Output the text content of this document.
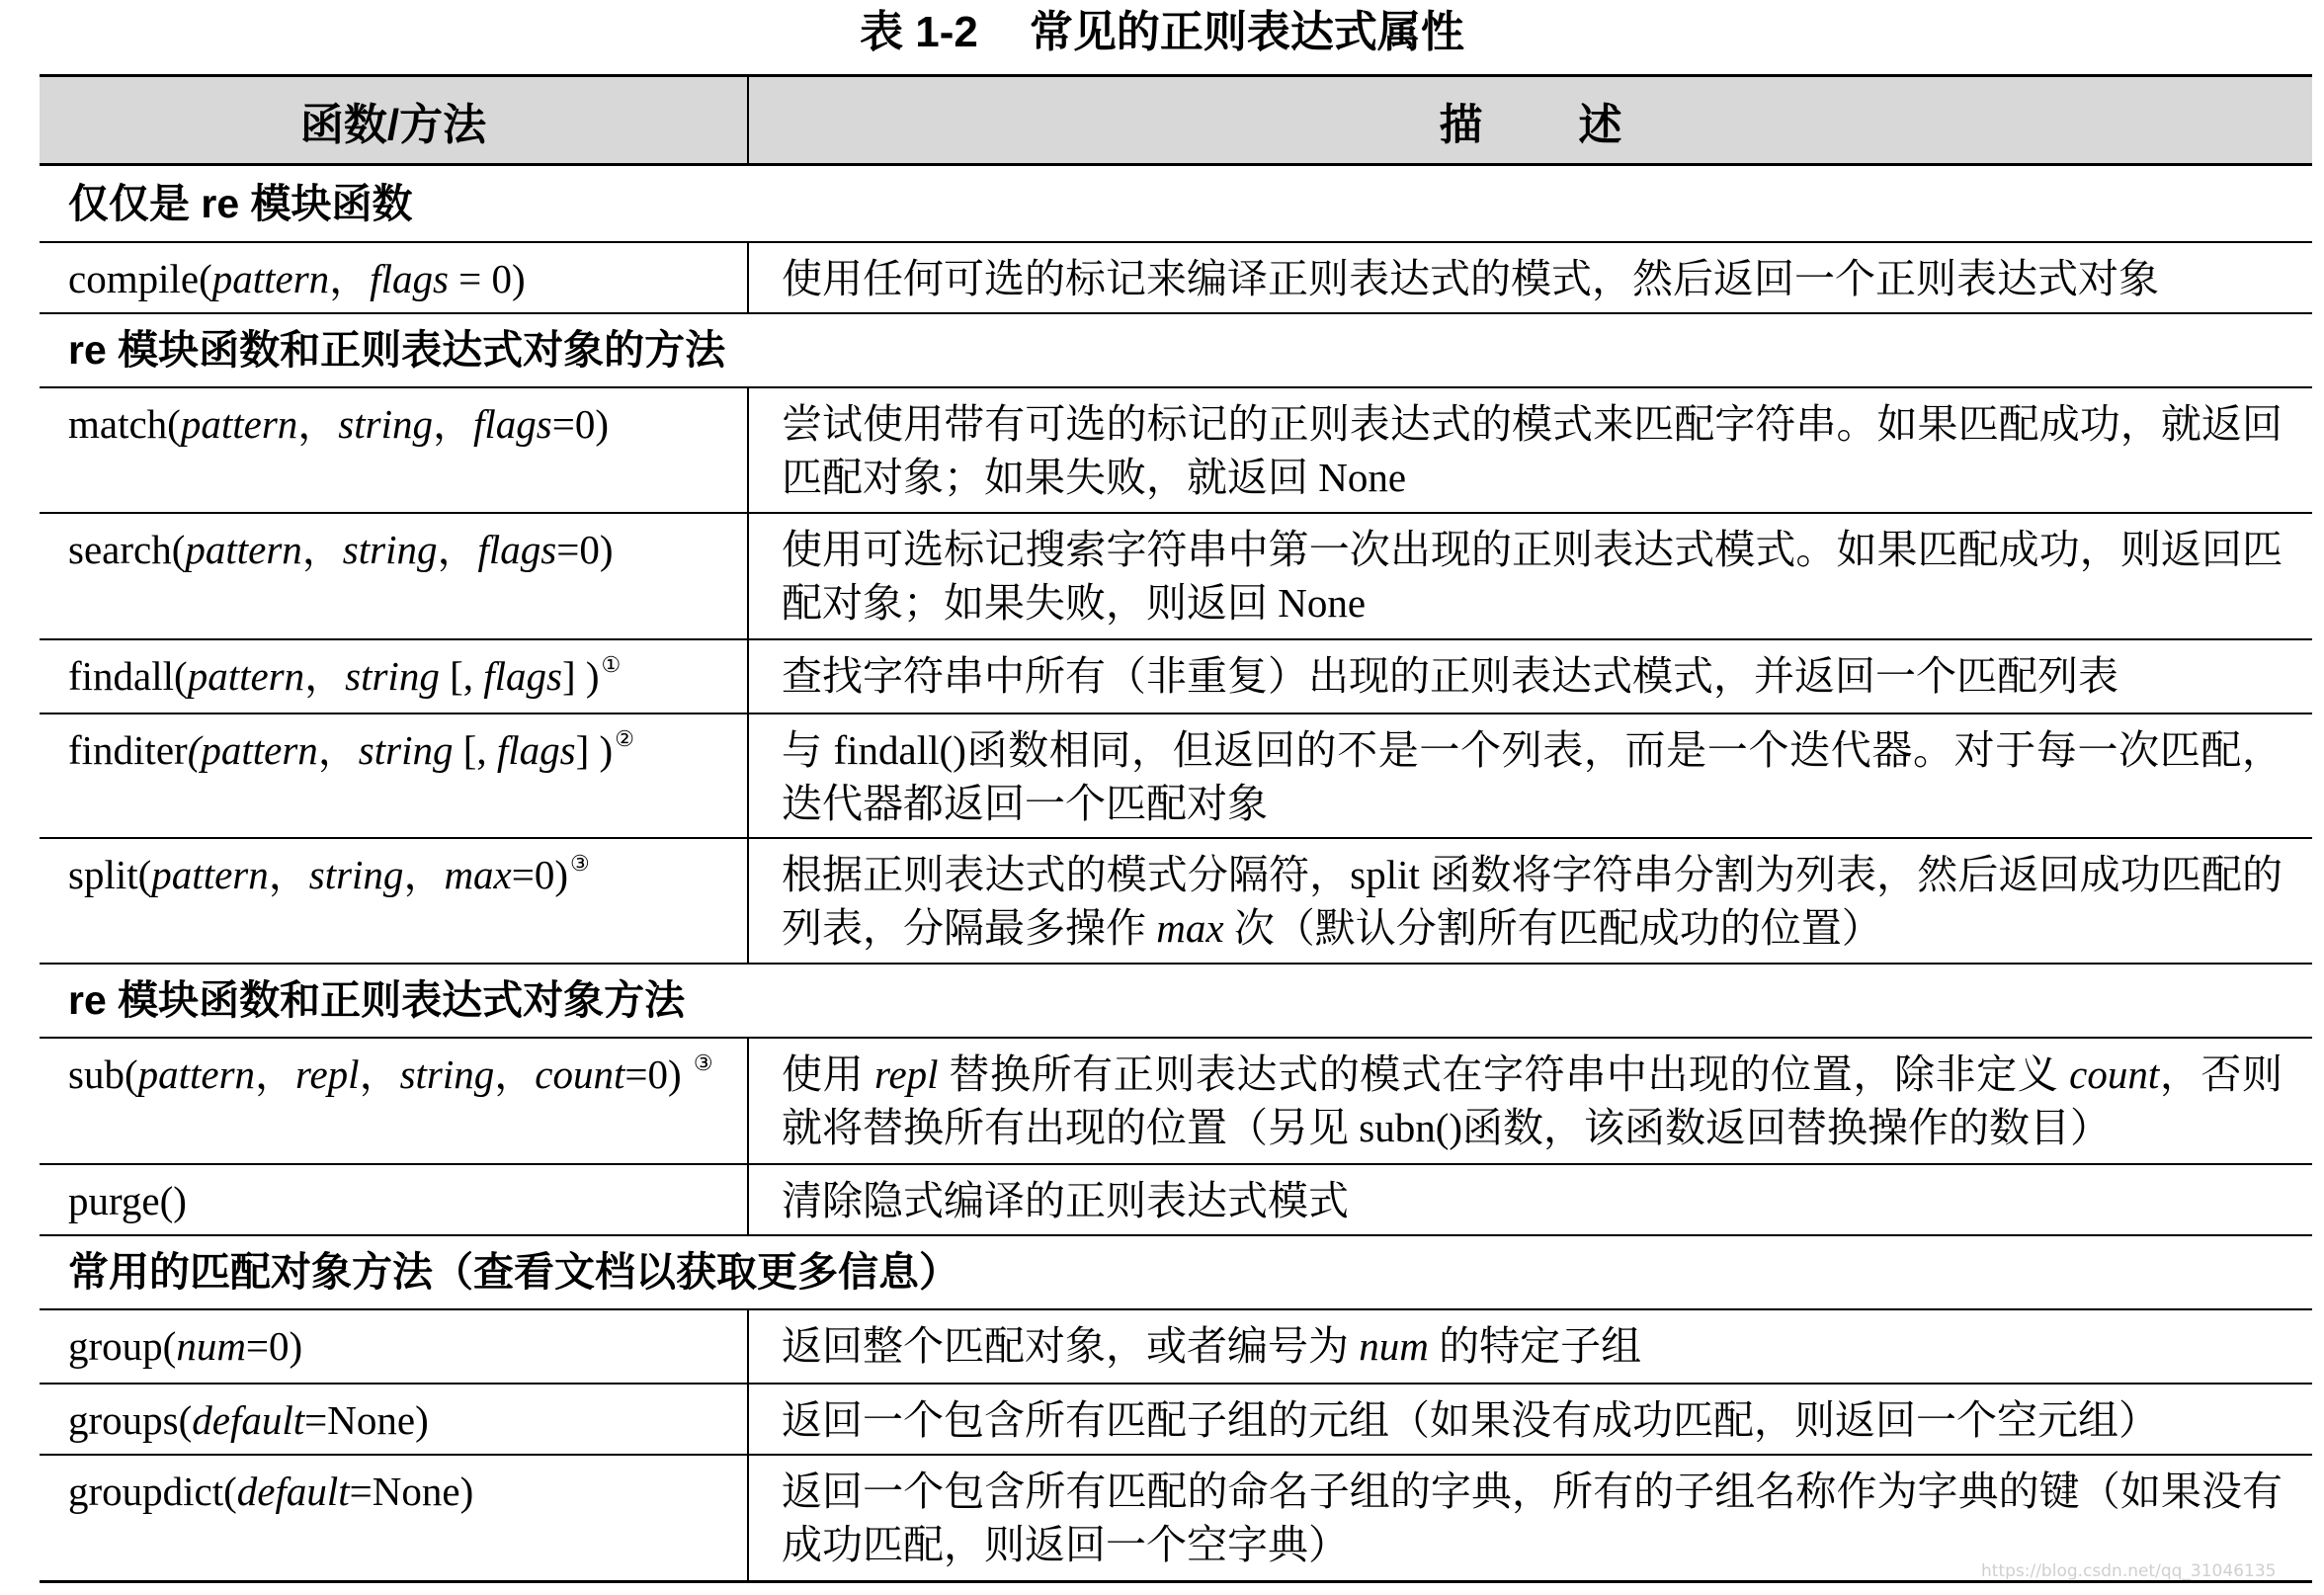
表 1-2 常见的正则表达式属性
函数/方法	描述
仅仅是 re 模块函数	
compile(pattern，flags = 0)	使用任何可选的标记来编译正则表达式的模式，然后返回一个正则表达式对象
re 模块函数和正则表达式对象的方法	
match(pattern，string，flags=0)	尝试使用带有可选的标记的正则表达式的模式来匹配字符串。如果匹配成功，就返回匹配对象；如果失败，就返回 None
search(pattern，string，flags=0)	使用可选标记搜索字符串中第一次出现的正则表达式模式。如果匹配成功，则返回匹配对象；如果失败，则返回 None
findall(pattern，string [, flags] )①	查找字符串中所有（非重复）出现的正则表达式模式，并返回一个匹配列表
finditer(pattern，string [, flags] )②	与 findall()函数相同，但返回的不是一个列表，而是一个迭代器。对于每一次匹配，迭代器都返回一个匹配对象
split(pattern，string，max=0)③	根据正则表达式的模式分隔符，split 函数将字符串分割为列表，然后返回成功匹配的列表，分隔最多操作 max 次（默认分割所有匹配成功的位置）
re 模块函数和正则表达式对象方法	
sub(pattern，repl，string，count=0) ③	使用 repl 替换所有正则表达式的模式在字符串中出现的位置，除非定义 count，否则就将替换所有出现的位置（另见 subn()函数，该函数返回替换操作的数目）
purge()	清除隐式编译的正则表达式模式
常用的匹配对象方法（查看文档以获取更多信息）	
group(num=0)	返回整个匹配对象，或者编号为 num 的特定子组
groups(default=None)	返回一个包含所有匹配子组的元组（如果没有成功匹配，则返回一个空元组）
groupdict(default=None)	返回一个包含所有匹配的命名子组的字典，所有的子组名称作为字典的键（如果没有成功匹配，则返回一个空字典）
https://blog.csdn.net/qq_31046135
